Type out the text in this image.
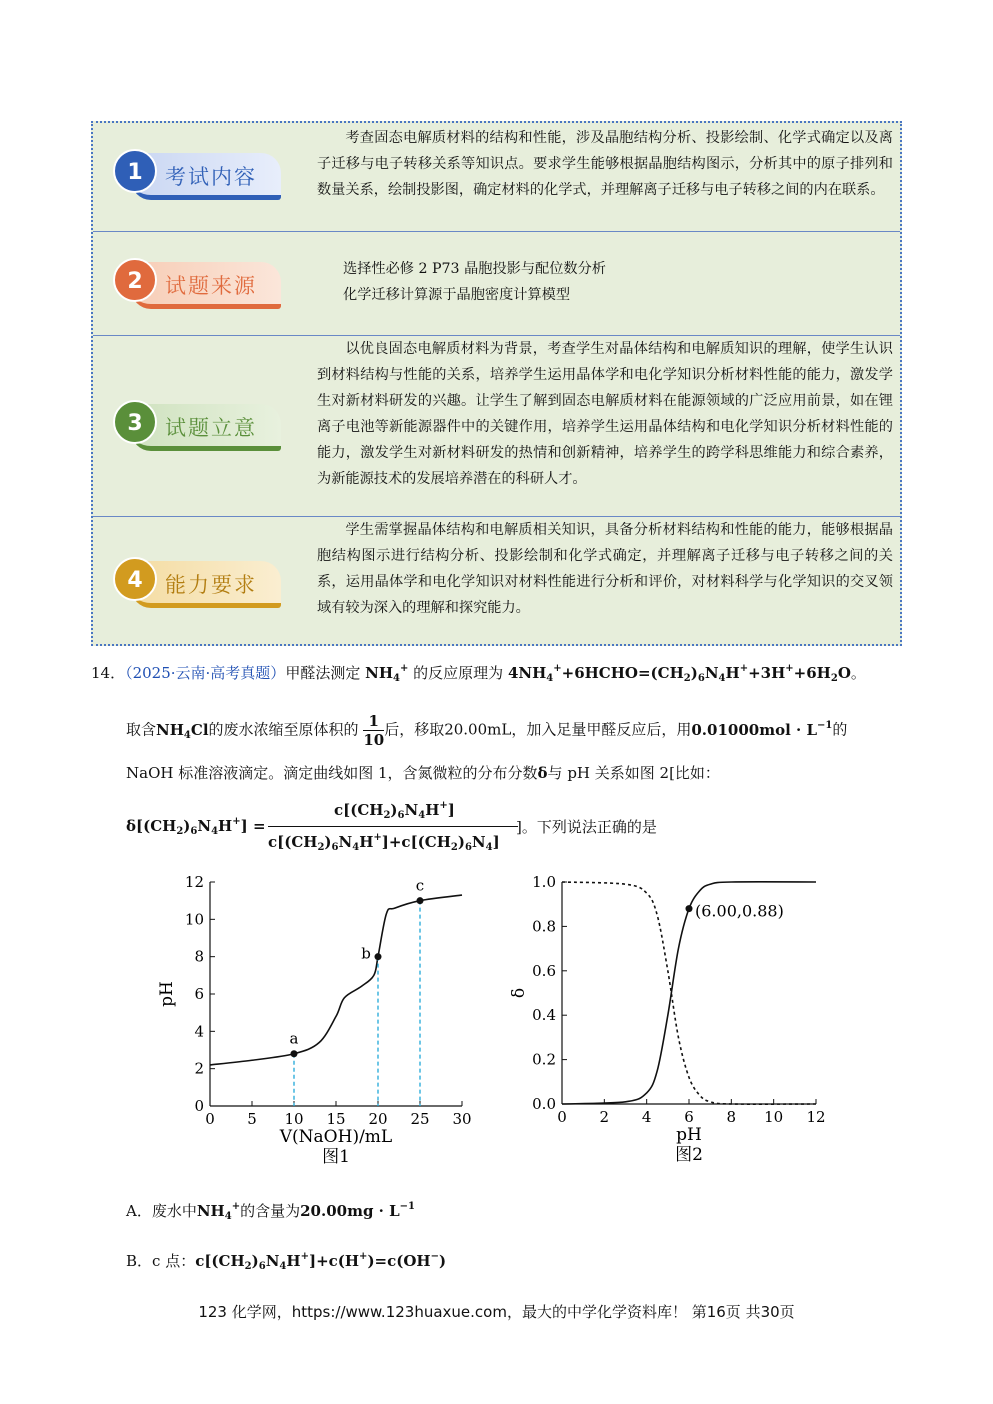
1	考试内容
考查固态电解质材料的结构和性能，涉及晶胞结构分析、投影绘制、化学式确定以及离子迁移与电子转移关系等知识点。要求学生能够根据晶胞结构图示，分析其中的原子排列和数量关系，绘制投影图，确定材料的化学式，并理解离子迁移与电子转移之间的内在联系。
2	试题来源
选择性必修 2 P73 晶胞投影与配位数分析
化学迁移计算源于晶胞密度计算模型
3	试题立意
以优良固态电解质材料为背景，考查学生对晶体结构和电解质知识的理解，使学生认识到材料结构与性能的关系，培养学生运用晶体学和电化学知识分析材料性能的能力，激发学生对新材料研发的兴趣。让学生了解到固态电解质材料在能源领域的广泛应用前景，如在锂离子电池等新能源器件中的关键作用，培养学生运用晶体结构和电化学知识分析材料性能的能力，激发学生对新材料研发的热情和创新精神，培养学生的跨学科思维能力和综合素养，为新能源技术的发展培养潜在的科研人才。
4	能力要求
学生需掌握晶体结构和电解质相关知识，具备分析材料结构和性能的能力，能够根据晶胞结构图示进行结构分析、投影绘制和化学式确定，并理解离子迁移与电子转移之间的关系，运用晶体学和电化学知识对材料性能进行分析和评价，对材料科学与化学知识的交叉领域有较为深入的理解和探究能力。
14．（2025·云南·高考真题）甲醛法测定 $NH_4^+$ 的反应原理为 $4NH_4^++6HCHO=(CH_2)_6N_4H^++3H^++6H_2O$。
取含$NH_4Cl$的废水浓缩至原体积的 $\frac{1}{10}$ 后，移取20.00mL，加入足量甲醛反应后，用$0.01000mol \cdot L^{-1}$的
NaOH 标准溶液滴定。滴定曲线如图 1，含氮微粒的分布分数δ与 pH 关系如图 2[比如：
$\delta[(CH_2)_6N_4H^+]$ =
$c[(CH_2)_6N_4H^+]$
$c[(CH_2)_6N_4H^+]+c[(CH_2)_6N_4]$
]。下列说法正确的是
0 5 10 15 20 25 30
0
2
4
6
8
10
12
V(NaOH)/mL
图1
pH
a
b
c
0 2 4 6 8 10 12
0.0
0.2
0.4
0.6
0.8
1.0
pH
图2
δ
(6.00,0.88)
A．废水中$NH_4^+$的含量为$20.00mg \cdot L^{-1}$
B．c 点：$c[(CH_2)_6N_4H^+]+c(H^+)=c(OH^-)$
123 化学网，https://www.123huaxue.com，最大的中学化学资料库！ 第16页 共30页
